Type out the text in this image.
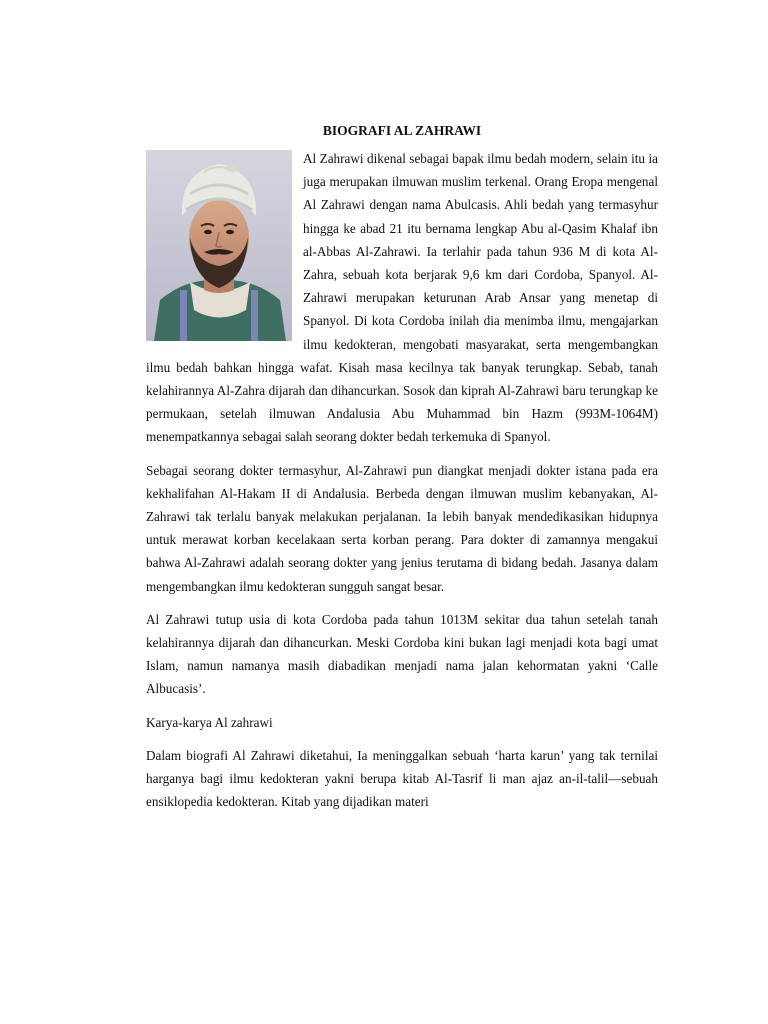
BIOGRAFI AL ZAHRAWI

Al Zahrawi dikenal sebagai bapak ilmu bedah modern, selain itu ia juga merupakan ilmuwan muslim terkenal. Orang Eropa mengenal Al Zahrawi dengan nama Abulcasis. Ahli bedah yang termasyhur hingga ke abad 21 itu bernama lengkap Abu al-Qasim Khalaf ibn al-Abbas Al-Zahrawi. Ia terlahir pada tahun 936 M di kota Al-Zahra, sebuah kota berjarak 9,6 km dari Cordoba, Spanyol. Al-Zahrawi merupakan keturunan Arab Ansar yang menetap di Spanyol. Di kota Cordoba inilah dia menimba ilmu, mengajarkan ilmu kedokteran, mengobati masyarakat, serta mengembangkan ilmu bedah bahkan hingga wafat. Kisah masa kecilnya tak banyak terungkap. Sebab, tanah kelahirannya Al-Zahra dijarah dan dihancurkan. Sosok dan kiprah Al-Zahrawi baru terungkap ke permukaan, setelah ilmuwan Andalusia Abu Muhammad bin Hazm (993M-1064M) menempatkannya sebagai salah seorang dokter bedah terkemuka di Spanyol.

Sebagai seorang dokter termasyhur, Al-Zahrawi pun diangkat menjadi dokter istana pada era kekhalifahan Al-Hakam II di Andalusia. Berbeda dengan ilmuwan muslim kebanyakan, Al-Zahrawi tak terlalu banyak melakukan perjalanan. Ia lebih banyak mendedikasikan hidupnya untuk merawat korban kecelakaan serta korban perang. Para dokter di zamannya mengakui bahwa Al-Zahrawi adalah seorang dokter yang jenius terutama di bidang bedah. Jasanya dalam mengembangkan ilmu kedokteran sungguh sangat besar.

Al Zahrawi tutup usia di kota Cordoba pada tahun 1013M sekitar dua tahun setelah tanah kelahirannya dijarah dan dihancurkan. Meski Cordoba kini bukan lagi menjadi kota bagi umat Islam, namun namanya masih diabadikan menjadi nama jalan kehormatan yakni ‘Calle Albucasis’.

Karya-karya Al zahrawi

Dalam biografi Al Zahrawi diketahui, Ia meninggalkan sebuah ‘harta karun’ yang tak ternilai harganya bagi ilmu kedokteran yakni berupa kitab Al-Tasrif li man ajaz an-il-talil—sebuah ensiklopedia kedokteran. Kitab yang dijadikan materi
